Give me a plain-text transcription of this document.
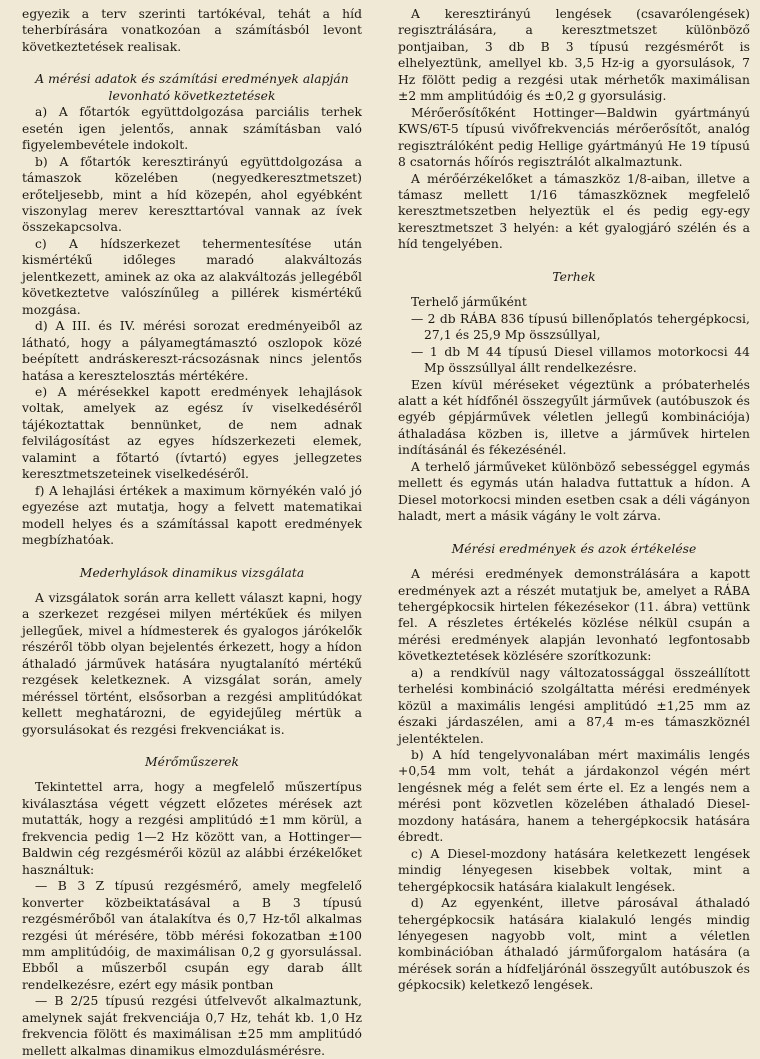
egyezik a terv szerinti tartókéval, tehát a híd teherbírására vonatkozóan a számításból levont következtetések realisak.

A mérési adatok és számítási eredmények alapján levonható következtetések

a) A főtartók együttdolgozása parciális terhek esetén igen jelentős, annak számításban való figyelembevétele indokolt.

b) A főtartók keresztirányú együttdolgozása a támaszok közelében (negyedkeresztmetszet) erőteljesebb, mint a híd közepén, ahol egyébként viszonylag merev kereszttartóval vannak az ívek összekapcsolva.

c) A hídszerkezet tehermentesítése után kismértékű időleges maradó alakváltozás jelentkezett, aminek az oka az alakváltozás jellegéből következtetve valószínűleg a pillérek kismértékű mozgása.

d) A III. és IV. mérési sorozat eredményeiből az látható, hogy a pályamegtámasztó oszlopok közé beépített andráskereszt-rácsozásnak nincs jelentős hatása a keresztelosztás mértékére.

e) A mérésekkel kapott eredmények lehajlások voltak, amelyek az egész ív viselkedéséről tájékoztattak bennünket, de nem adnak felvilágosítást az egyes hídszerkezeti elemek, valamint a főtartó (ívtartó) egyes jellegzetes keresztmetszeteinek viselkedéséről.

f) A lehajlási értékek a maximum környékén való jó egyezése azt mutatja, hogy a felvett matematikai modell helyes és a számítással kapott eredmények megbízhatóak.

Mederhylások dinamikus vizsgálata

A vizsgálatok során arra kellett választ kapni, hogy a szerkezet rezgései milyen mértékűek és milyen jellegűek, mivel a hídmesterek és gyalogos járókelők részéről több olyan bejelentés érkezett, hogy a hídon áthaladó járművek hatására nyugtalanító mértékű rezgések keletkeznek. A vizsgálat során, amely méréssel történt, elsősorban a rezgési amplitúdókat kellett meghatározni, de egyidejűleg mértük a gyorsulásokat és rezgési frekvenciákat is.

Mérőműszerek

Tekintettel arra, hogy a megfelelő műszertípus kiválasztása végett végzett előzetes mérések azt mutatták, hogy a rezgési amplitúdó ±1 mm körül, a frekvencia pedig 1—2 Hz között van, a Hottinger—Baldwin cég rezgésmérői közül az alábbi érzékelőket használtuk:

— B 3 Z típusú rezgésmérő, amely megfelelő konverter közbeiktatásával a B 3 típusú rezgésmérőből van átalakítva és 0,7 Hz-től alkalmas rezgési út mérésére, több mérési fokozatban ±100 mm amplitúdóig, de maximálisan 0,2 g gyorsulással. Ebből a műszerből csupán egy darab állt rendelkezésre, ezért egy másik pontban

— B 2/25 típusú rezgési útfelvevőt alkalmaztunk, amelynek saját frekvenciája 0,7 Hz, tehát kb. 1,0 Hz frekvencia fölött és maximálisan ±25 mm amplitúdó mellett alkalmas dinamikus elmozdulásmérésre.

A keresztirányú lengések (csavarólengések) regisztrálására, a keresztmetszet különböző pontjaiban, 3 db B 3 típusú rezgésmérőt is elhelyeztünk, amellyel kb. 3,5 Hz-ig a gyorsulások, 7 Hz fölött pedig a rezgési utak mérhetők maximálisan ±2 mm amplitúdóig és ±0,2 g gyorsulásig.

Mérőerősítőként Hottinger—Baldwin gyártmányú KWS/6T-5 típusú vivőfrekvenciás mérőerősítőt, analóg regisztrálóként pedig Hellige gyártmányú He 19 típusú 8 csatornás hőírós regisztrálót alkalmaztunk.

A mérőérzékelőket a támaszköz 1/8-aiban, illetve a támasz mellett 1/16 támaszköznek megfelelő keresztmetszetben helyeztük el és pedig egy-egy keresztmetszet 3 helyén: a két gyalogjáró szélén és a híd tengelyében.

Terhek

Terhelő járműként

— 2 db RÁBA 836 típusú billenőplatós tehergépkocsi, 27,1 és 25,9 Mp összsúllyal,

— 1 db M 44 típusú Diesel villamos motorkocsi 44 Mp összsúllyal állt rendelkezésre.

Ezen kívül méréseket végeztünk a próbaterhelés alatt a két hídfőnél összegyűlt járművek (autóbuszok és egyéb gépjárművek véletlen jellegű kombinációja) áthaladása közben is, illetve a járművek hirtelen indításánál és fékezésénél.

A terhelő járműveket különböző sebességgel egymás mellett és egymás után haladva futtattuk a hídon. A Diesel motorkocsi minden esetben csak a déli vágányon haladt, mert a másik vágány le volt zárva.

Mérési eredmények és azok értékelése

A mérési eredmények demonstrálására a kapott eredmények azt a részét mutatjuk be, amelyet a RÁBA tehergépkocsik hirtelen fékezésekor (11. ábra) vettünk fel. A részletes értékelés közlése nélkül csupán a mérési eredmények alapján levonható legfontosabb következtetések közlésére szorítkozunk:

a) a rendkívül nagy változatossággal összeállított terhelési kombináció szolgáltatta mérési eredmények közül a maximális lengési amplitúdó ±1,25 mm az északi járdaszélen, ami a 87,4 m-es támaszköznél jelentéktelen.

b) A híd tengelyvonalában mért maximális lengés +0,54 mm volt, tehát a járdakonzol végén mért lengésnek még a felét sem érte el. Ez a lengés nem a mérési pont közvetlen közelében áthaladó Diesel-mozdony hatására, hanem a tehergépkocsik hatására ébredt.

c) A Diesel-mozdony hatására keletkezett lengések mindig lényegesen kisebbek voltak, mint a tehergépkocsik hatására kialakult lengések.

d) Az egyenként, illetve párosával áthaladó tehergépkocsik hatására kialakuló lengés mindig lényegesen nagyobb volt, mint a véletlen kombinációban áthaladó járműforgalom hatására (a mérések során a hídfeljárónál összegyűlt autóbuszok és gépkocsik) keletkező lengések.
